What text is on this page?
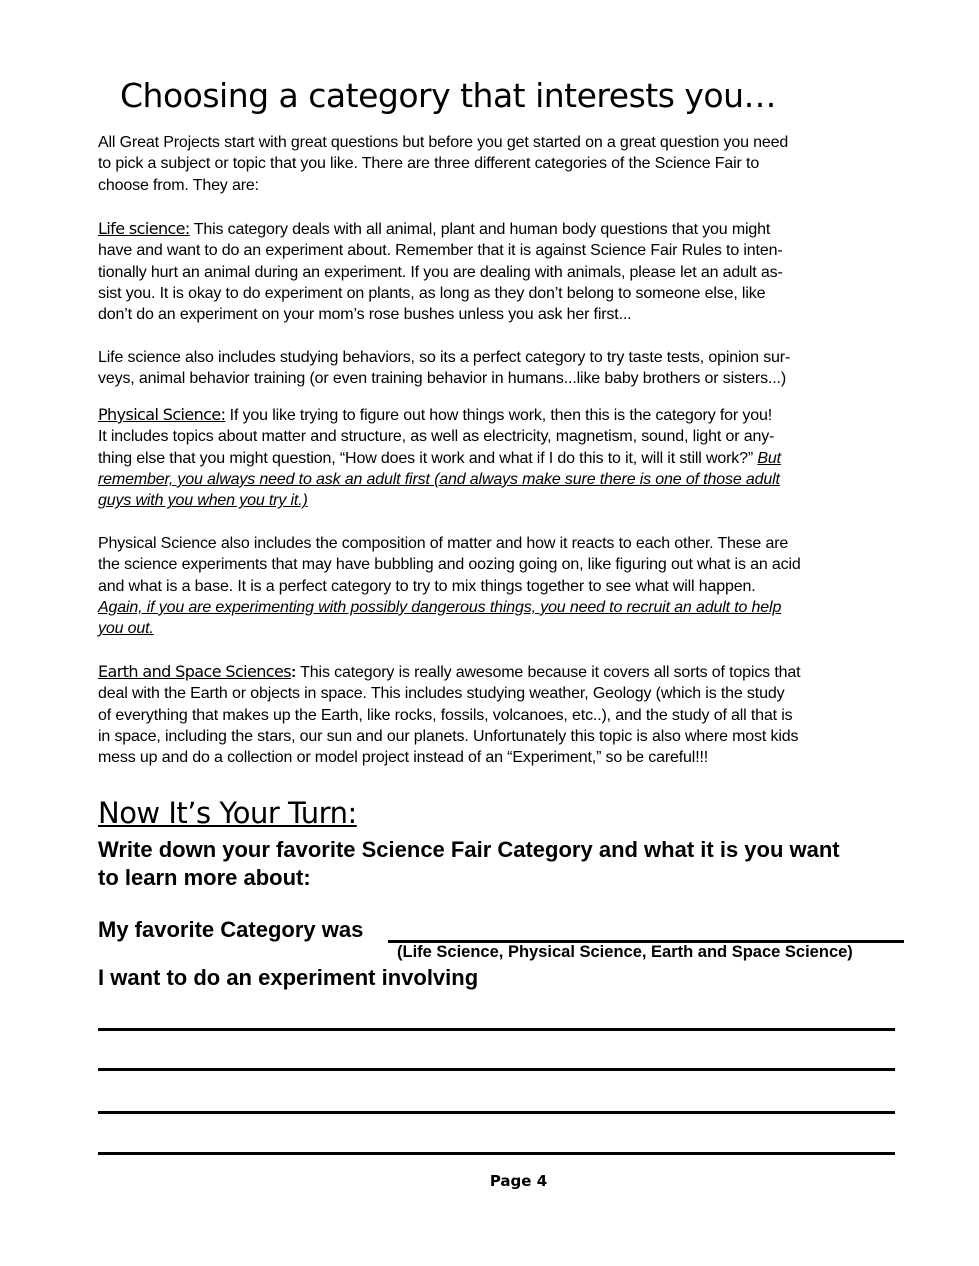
Choosing a category that interests you…
All Great Projects start with great questions but before you get started on a great question you need
to pick a subject or topic that you like. There are three different categories of the Science Fair to
choose from. They are:
Life science: This category deals with all animal, plant and human body questions that you might
have and want to do an experiment about. Remember that it is against Science Fair Rules to inten-
tionally hurt an animal during an experiment. If you are dealing with animals, please let an adult as-
sist you. It is okay to do experiment on plants, as long as they don’t belong to someone else, like
don’t do an experiment on your mom’s rose bushes unless you ask her first...
Life science also includes studying behaviors, so its a perfect category to try taste tests, opinion sur-
veys, animal behavior training (or even training behavior in humans...like baby brothers or sisters...)
Physical Science: If you like trying to figure out how things work, then this is the category for you!
It includes topics about matter and structure, as well as electricity, magnetism, sound, light or any-
thing else that you might question, “How does it work and what if I do this to it, will it still work?” But
remember, you always need to ask an adult first (and always make sure there is one of those adult
guys with you when you try it.)
Physical Science also includes the composition of matter and how it reacts to each other. These are
the science experiments that may have bubbling and oozing going on, like figuring out what is an acid
and what is a base. It is a perfect category to try to mix things together to see what will happen.
Again, if you are experimenting with possibly dangerous things, you need to recruit an adult to help
you out.
Earth and Space Sciences: This category is really awesome because it covers all sorts of topics that
deal with the Earth or objects in space. This includes studying weather, Geology (which is the study
of everything that makes up the Earth, like rocks, fossils, volcanoes, etc..), and the study of all that is
in space, including the stars, our sun and our planets. Unfortunately this topic is also where most kids
mess up and do a collection or model project instead of an “Experiment,” so be careful!!!
Now It’s Your Turn:
Write down your favorite Science Fair Category and what it is you want
to learn more about:
My favorite Category was
(Life Science, Physical Science, Earth and Space Science)
I want to do an experiment involving
Page 4
